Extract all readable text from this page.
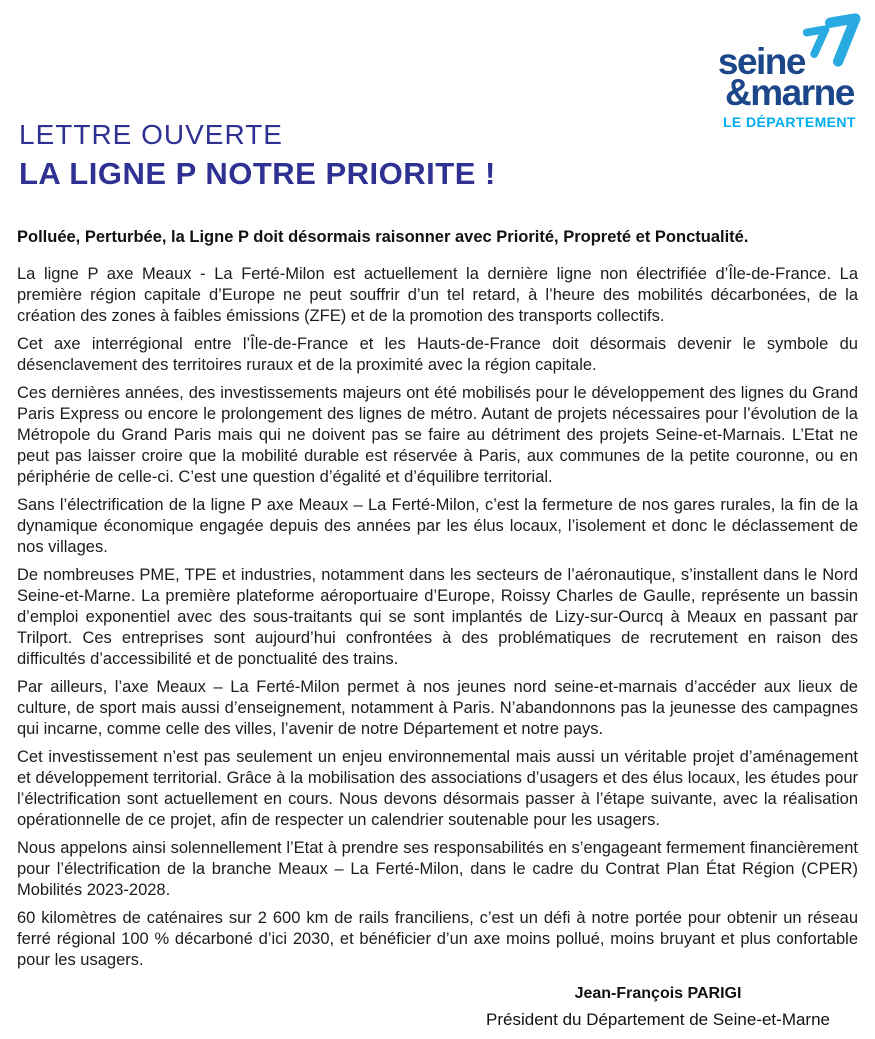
seine
&marne
LE DÉPARTEMENT
LETTRE OUVERTE
LA LIGNE P NOTRE PRIORITE !

Polluée, Perturbée, la Ligne P doit désormais raisonner avec Priorité, Propreté et Ponctualité.

La ligne P axe Meaux - La Ferté-Milon est actuellement la dernière ligne non électrifiée d’Île-de-France. La première région capitale d’Europe ne peut souffrir d’un tel retard, à l’heure des mobilités décarbonées, de la création des zones à faibles émissions (ZFE) et de la promotion des transports collectifs.

Cet axe interrégional entre l’Île-de-France et les Hauts-de-France doit désormais devenir le symbole du désenclavement des territoires ruraux et de la proximité avec la région capitale.

Ces dernières années, des investissements majeurs ont été mobilisés pour le développement des lignes du Grand Paris Express ou encore le prolongement des lignes de métro. Autant de projets nécessaires pour l’évolution de la Métropole du Grand Paris mais qui ne doivent pas se faire au détriment des projets Seine-et-Marnais. L’Etat ne peut pas laisser croire que la mobilité durable est réservée à Paris, aux communes de la petite couronne, ou en périphérie de celle-ci. C’est une question d’égalité et d’équilibre territorial.

Sans l’électrification de la ligne P axe Meaux – La Ferté-Milon, c’est la fermeture de nos gares rurales, la fin de la dynamique économique engagée depuis des années par les élus locaux, l’isolement et donc le déclassement de nos villages.

De nombreuses PME, TPE et industries, notamment dans les secteurs de l’aéronautique, s’installent dans le Nord Seine-et-Marne. La première plateforme aéroportuaire d’Europe, Roissy Charles de Gaulle, représente un bassin d’emploi exponentiel avec des sous-traitants qui se sont implantés de Lizy-sur-Ourcq à Meaux en passant par Trilport. Ces entreprises sont aujourd’hui confrontées à des problématiques de recrutement en raison des difficultés d’accessibilité et de ponctualité des trains.

Par ailleurs, l’axe Meaux – La Ferté-Milon permet à nos jeunes nord seine-et-marnais d’accéder aux lieux de culture, de sport mais aussi d’enseignement, notamment à Paris. N’abandonnons pas la jeunesse des campagnes qui incarne, comme celle des villes, l’avenir de notre Département et notre pays.

Cet investissement n’est pas seulement un enjeu environnemental mais aussi un véritable projet d’aménagement et développement territorial. Grâce à la mobilisation des associations d’usagers et des élus locaux, les études pour l’électrification sont actuellement en cours. Nous devons désormais passer à l’étape suivante, avec la réalisation opérationnelle de ce projet, afin de respecter un calendrier soutenable pour les usagers.

Nous appelons ainsi solennellement l’Etat à prendre ses responsabilités en s’engageant fermement financièrement pour l’électrification de la branche Meaux – La Ferté-Milon, dans le cadre du Contrat Plan État Région (CPER) Mobilités 2023-2028.

60 kilomètres de caténaires sur 2 600 km de rails franciliens, c’est un défi à notre portée pour obtenir un réseau ferré régional 100 % décarboné d’ici 2030, et bénéficier d’un axe moins pollué, moins bruyant et plus confortable pour les usagers.

Jean-François PARIGI
Président du Département de Seine-et-Marne
